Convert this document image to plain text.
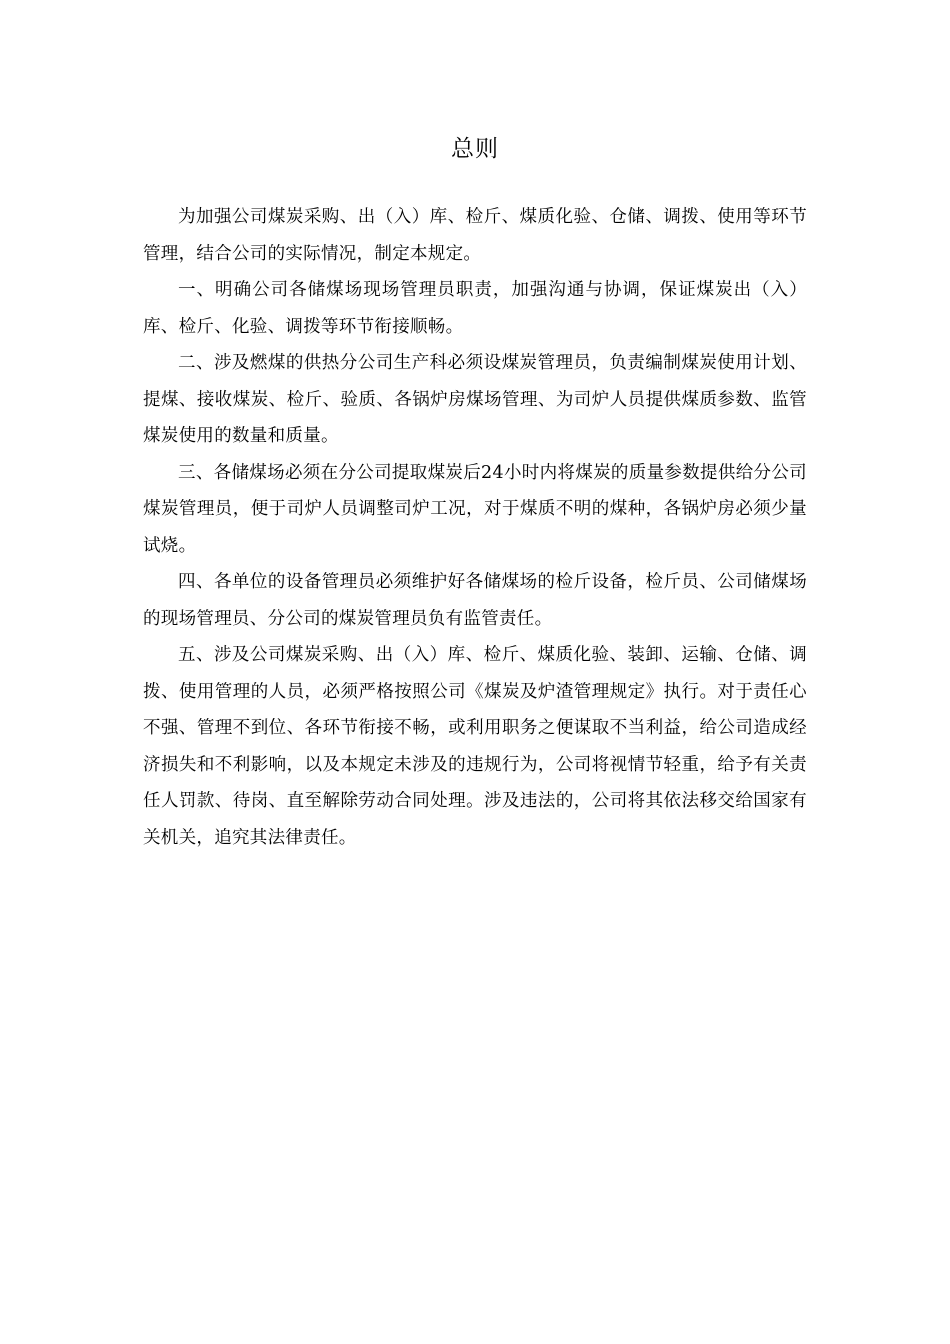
总则

为加强公司煤炭采购、出（入）库、检斤、煤质化验、仓储、调拨、使用等环节管理，结合公司的实际情况，制定本规定。

一、明确公司各储煤场现场管理员职责，加强沟通与协调，保证煤炭出（入）库、检斤、化验、调拨等环节衔接顺畅。

二、涉及燃煤的供热分公司生产科必须设煤炭管理员，负责编制煤炭使用计划、提煤、接收煤炭、检斤、验质、各锅炉房煤场管理、为司炉人员提供煤质参数、监管煤炭使用的数量和质量。

三、各储煤场必须在分公司提取煤炭后24小时内将煤炭的质量参数提供给分公司煤炭管理员，便于司炉人员调整司炉工况，对于煤质不明的煤种，各锅炉房必须少量试烧。

四、各单位的设备管理员必须维护好各储煤场的检斤设备，检斤员、公司储煤场的现场管理员、分公司的煤炭管理员负有监管责任。

五、涉及公司煤炭采购、出（入）库、检斤、煤质化验、装卸、运输、仓储、调拨、使用管理的人员，必须严格按照公司《煤炭及炉渣管理规定》执行。对于责任心不强、管理不到位、各环节衔接不畅，或利用职务之便谋取不当利益，给公司造成经济损失和不利影响，以及本规定未涉及的违规行为，公司将视情节轻重，给予有关责任人罚款、待岗、直至解除劳动合同处理。涉及违法的，公司将其依法移交给国家有关机关，追究其法律责任。
